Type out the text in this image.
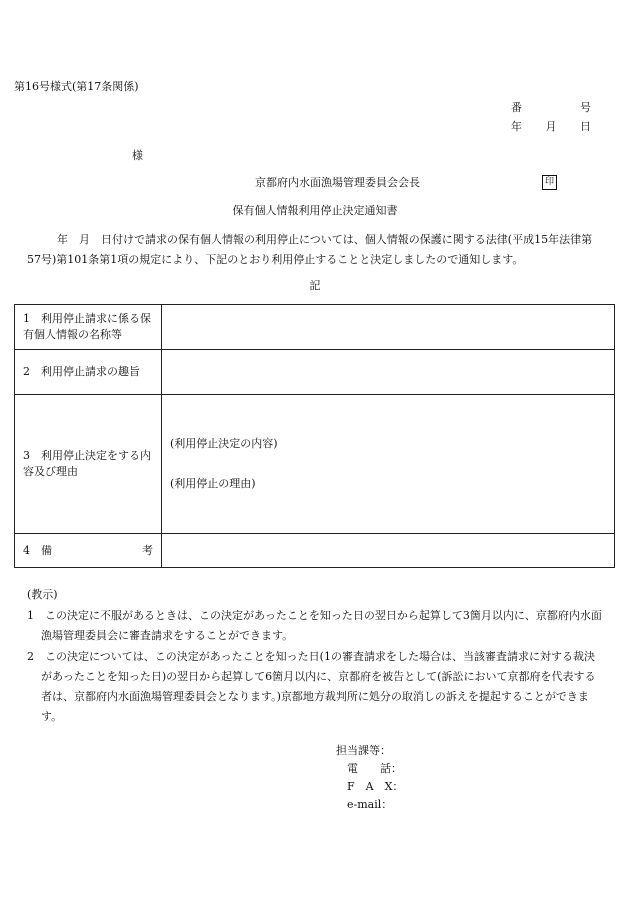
第16号様式(第17条関係)
番	号
年 月 日
様
京都府内水面漁場管理委員会会長	印
保有個人情報利用停止決定通知書
年　月　日付けで請求の保有個人情報の利用停止については、個人情報の保護に関する法律(平成15年法律第57号)第101条第1項の規定により、下記のとおり利用停止することと決定しましたので通知します。
記
1　利用停止請求に係る保有個人情報の名称等	
2　利用停止請求の趣旨	
3　利用停止決定をする内容及び理由	(利用停止決定の内容)
(利用停止の理由)

4　備 考	

(教示)
1　この決定に不服があるときは、この決定があったことを知った日の翌日から起算して3箇月以内に、京都府内水面漁場管理委員会に審査請求をすることができます。
2　この決定については、この決定があったことを知った日(1の審査請求をした場合は、当該審査請求に対する裁決があったことを知った日)の翌日から起算して6箇月以内に、京都府を被告として(訴訟において京都府を代表する者は、京都府内水面漁場管理委員会となります。)京都地方裁判所に処分の取消しの訴えを提起することができます。
担当課等：
　電　　話：
　F　A　X：
　e-mail：
